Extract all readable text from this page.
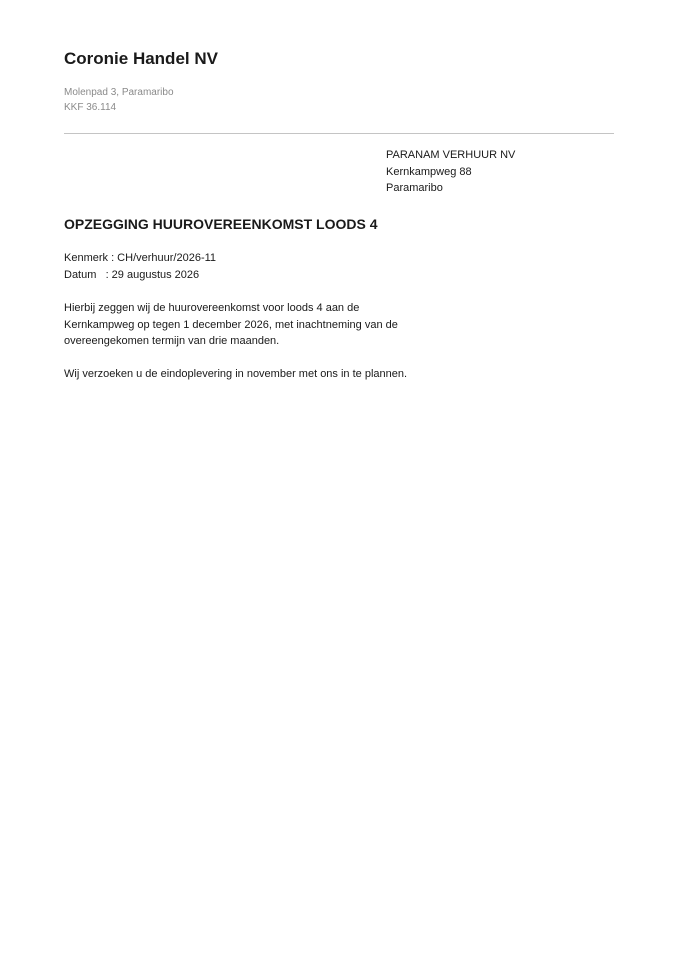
Coronie Handel NV
Molenpad 3, Paramaribo
KKF 36.114
PARANAM VERHUUR NV
Kernkampweg 88
Paramaribo
OPZEGGING HUUROVEREENKOMST LOODS 4
Kenmerk : CH/verhuur/2026-11
Datum   : 29 augustus 2026

Hierbij zeggen wij de huurovereenkomst voor loods 4 aan de
Kernkampweg op tegen 1 december 2026, met inachtneming van de
overeengekomen termijn van drie maanden.

Wij verzoeken u de eindoplevering in november met ons in te plannen.
